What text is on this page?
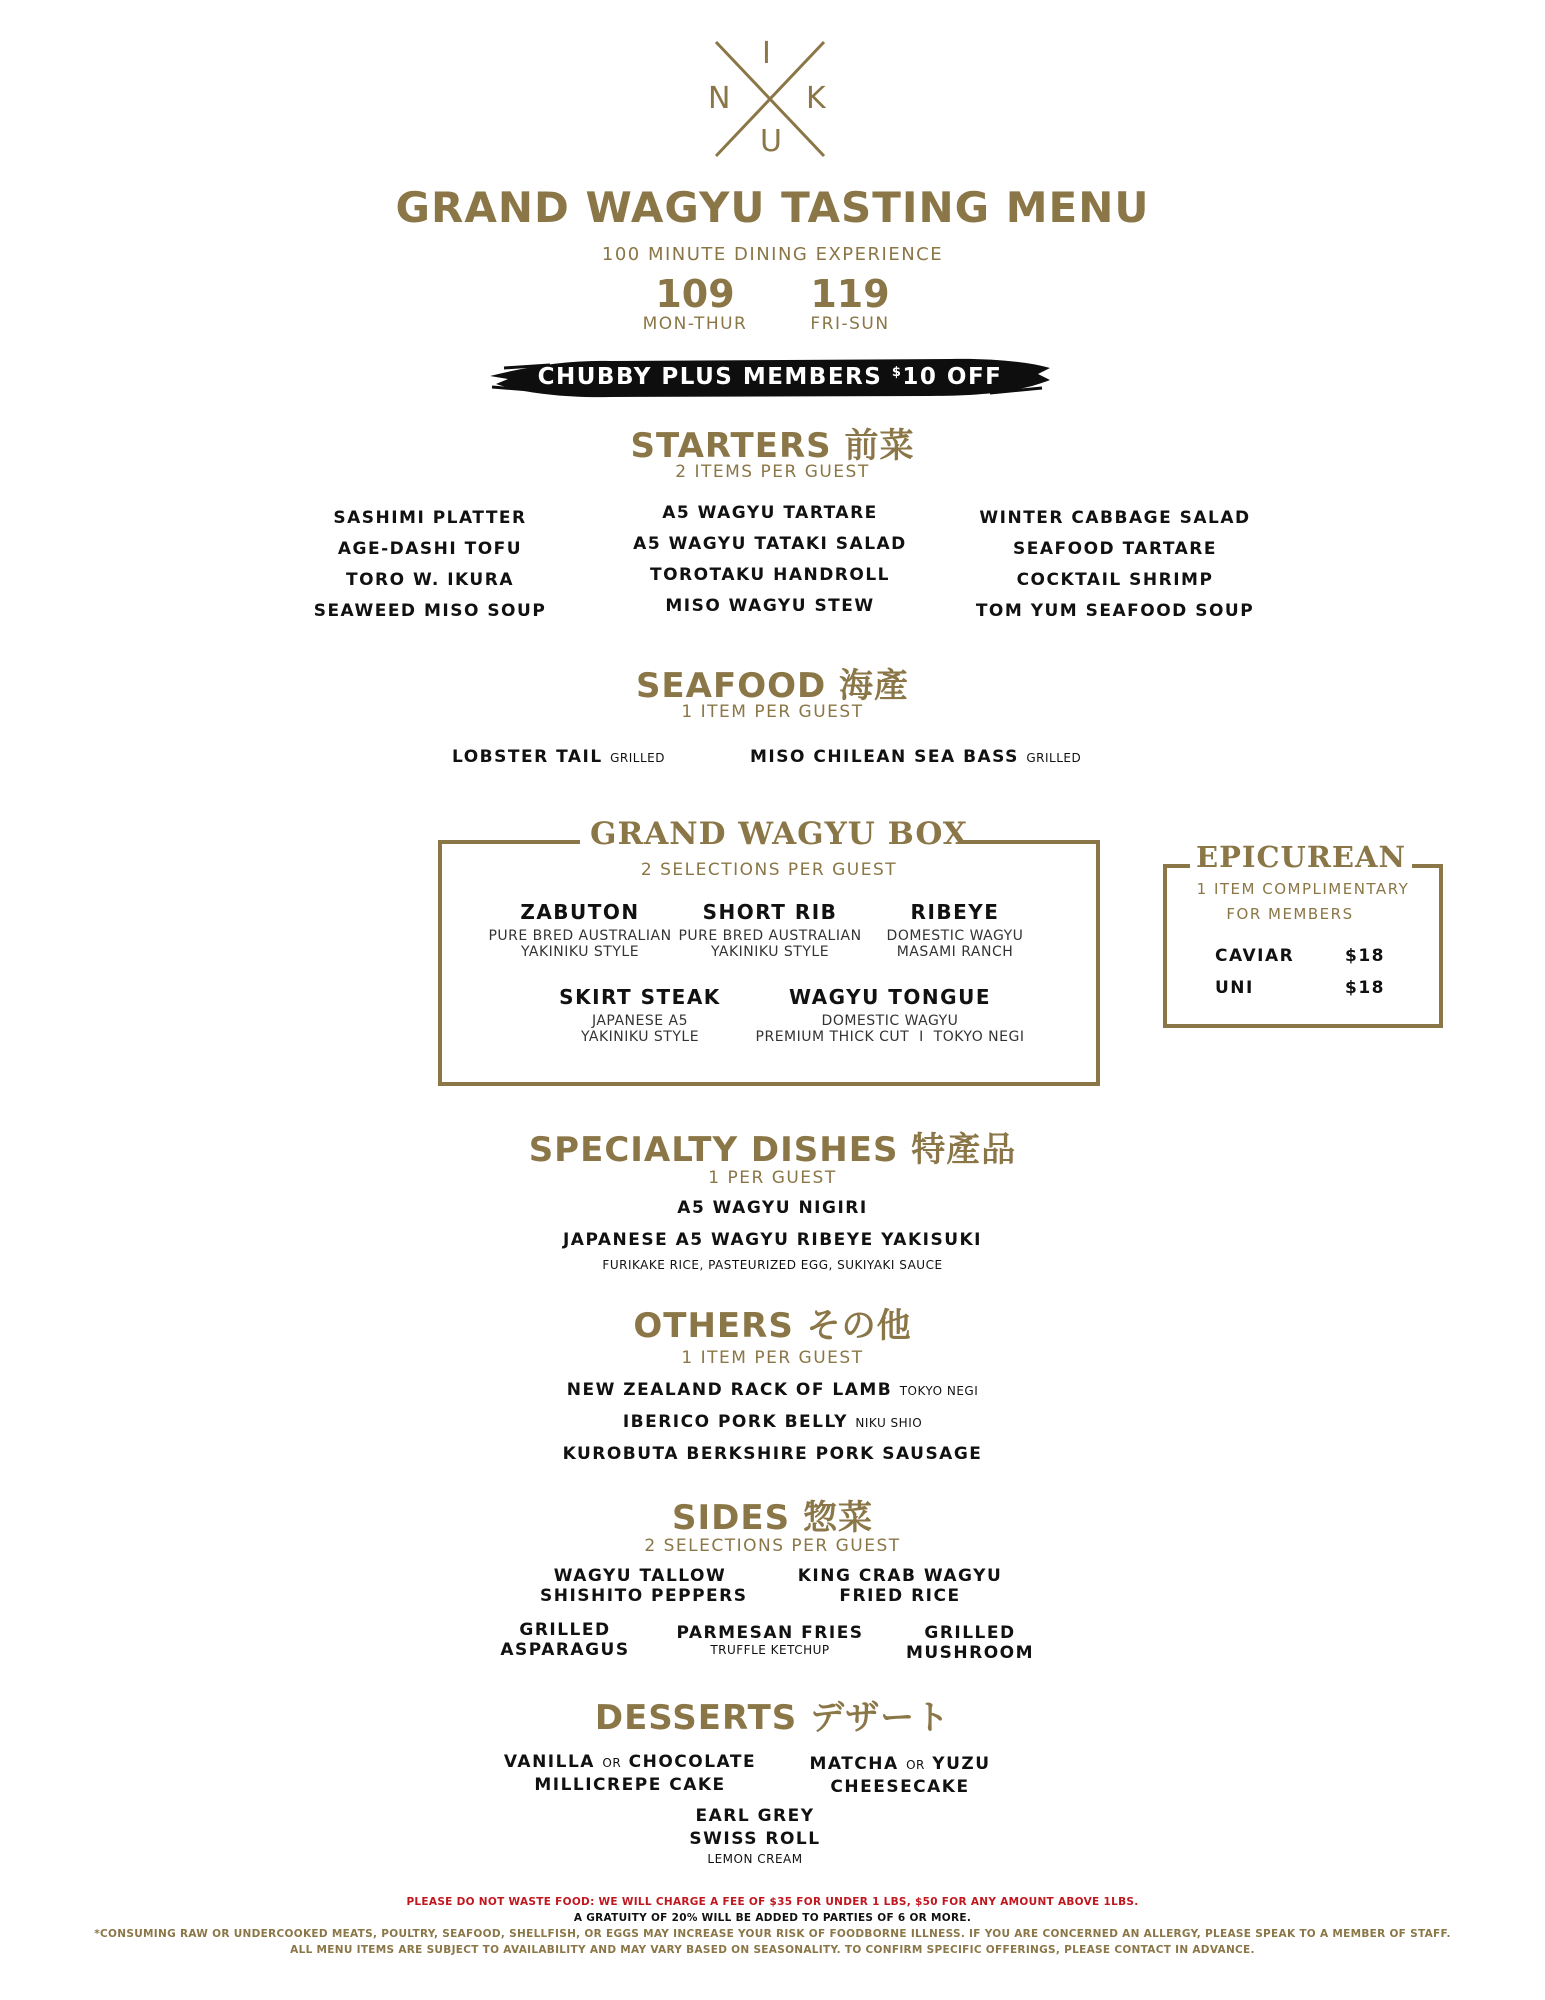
I
N	K
U
GRAND WAGYU TASTING MENU
100 MINUTE DINING EXPERIENCE
109
MON-THUR
119
FRI-SUN
CHUBBY PLUS MEMBERS $10 OFF
STARTERS 前菜
2 ITEMS PER GUEST
SASHIMI PLATTER
AGE-DASHI TOFU
TORO W. IKURA
SEAWEED MISO SOUP
A5 WAGYU TARTARE
A5 WAGYU TATAKI SALAD
TOROTAKU HANDROLL
MISO WAGYU STEW
WINTER CABBAGE SALAD
SEAFOOD TARTARE
COCKTAIL SHRIMP
TOM YUM SEAFOOD SOUP
SEAFOOD 海產
1 ITEM PER GUEST
LOBSTER TAIL GRILLED	MISO CHILEAN SEA BASS GRILLED
GRAND WAGYU BOX
2 SELECTIONS PER GUEST
ZABUTON
PURE BRED AUSTRALIAN
YAKINIKU STYLE
SHORT RIB
PURE BRED AUSTRALIAN
YAKINIKU STYLE
RIBEYE
DOMESTIC WAGYU
MASAMI RANCH
SKIRT STEAK
JAPANESE A5
YAKINIKU STYLE
WAGYU TONGUE
DOMESTIC WAGYU
PREMIUM THICK CUT  I  TOKYO NEGI
EPICUREAN
1 ITEM COMPLIMENTARY
FOR MEMBERS
CAVIAR	$18
UNI	$18
SPECIALTY DISHES 特產品
1 PER GUEST
A5 WAGYU NIGIRI
JAPANESE A5 WAGYU RIBEYE YAKISUKI
FURIKAKE RICE, PASTEURIZED EGG, SUKIYAKI SAUCE
OTHERS その他
1 ITEM PER GUEST
NEW ZEALAND RACK OF LAMB TOKYO NEGI
IBERICO PORK BELLY NIKU SHIO
KUROBUTA BERKSHIRE PORK SAUSAGE
SIDES 惣菜
2 SELECTIONS PER GUEST
WAGYU TALLOW
SHISHITO PEPPERS
KING CRAB WAGYU
FRIED RICE
GRILLED
ASPARAGUS
PARMESAN FRIES
TRUFFLE KETCHUP
GRILLED
MUSHROOM
DESSERTS デザート
VANILLA OR CHOCOLATE
MILLICREPE CAKE
MATCHA OR YUZU
CHEESECAKE
EARL GREY
SWISS ROLL
LEMON CREAM
PLEASE DO NOT WASTE FOOD: WE WILL CHARGE A FEE OF $35 FOR UNDER 1 LBS, $50 FOR ANY AMOUNT ABOVE 1LBS.
A GRATUITY OF 20% WILL BE ADDED TO PARTIES OF 6 OR MORE.
*CONSUMING RAW OR UNDERCOOKED MEATS, POULTRY, SEAFOOD, SHELLFISH, OR EGGS MAY INCREASE YOUR RISK OF FOODBORNE ILLNESS. IF YOU ARE CONCERNED AN ALLERGY, PLEASE SPEAK TO A MEMBER OF STAFF.
ALL MENU ITEMS ARE SUBJECT TO AVAILABILITY AND MAY VARY BASED ON SEASONALITY. TO CONFIRM SPECIFIC OFFERINGS, PLEASE CONTACT IN ADVANCE.
